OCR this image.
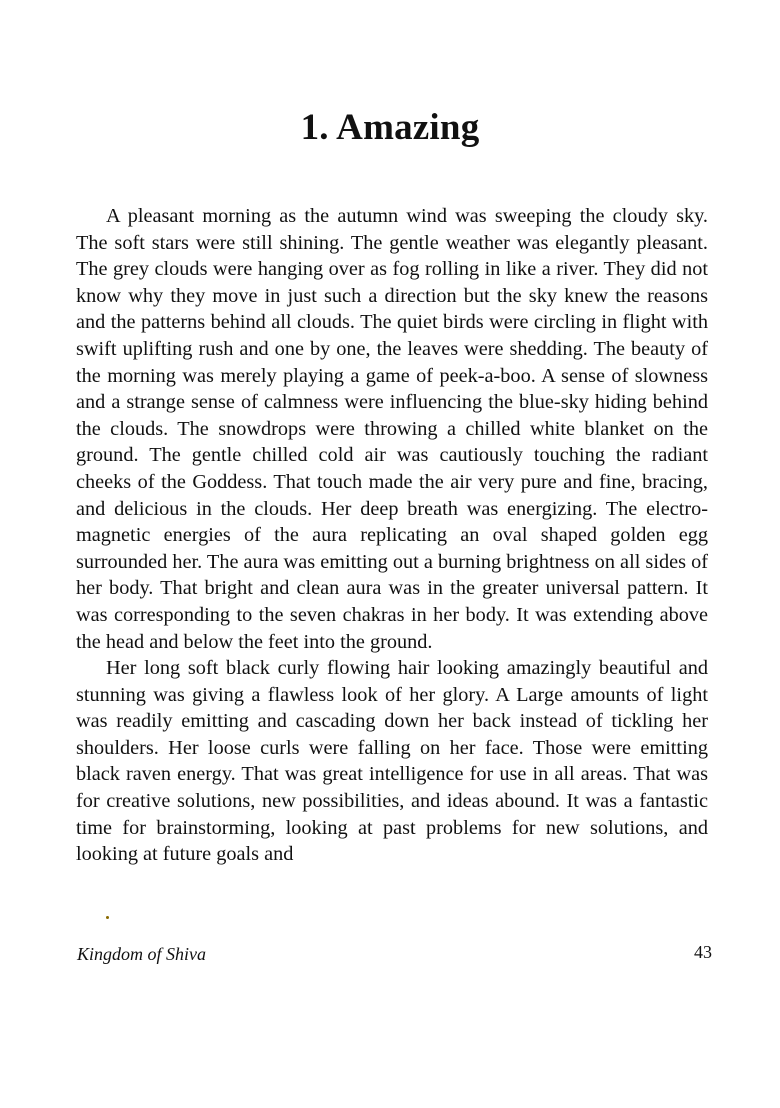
1. Amazing

A pleasant morning as the autumn wind was sweeping the cloudy sky. The soft stars were still shining. The gentle weather was elegantly pleasant. The grey clouds were hanging over as fog rolling in like a river. They did not know why they move in just such a direction but the sky knew the reasons and the patterns behind all clouds. The quiet birds were circling in flight with swift uplifting rush and one by one, the leaves were shedding. The beauty of the morning was merely playing a game of peek-a-boo. A sense of slowness and a strange sense of calmness were influencing the blue-sky hiding behind the clouds. The snowdrops were throwing a chilled white blanket on the ground. The gentle chilled cold air was cautiously touching the radiant cheeks of the Goddess. That touch made the air very pure and fine, bracing, and delicious in the clouds. Her deep breath was energizing. The electro-magnetic energies of the aura replicating an oval shaped golden egg surrounded her. The aura was emitting out a burning brightness on all sides of her body. That bright and clean aura was in the greater universal pattern. It was corresponding to the seven chakras in her body. It was extending above the head and below the feet into the ground.

Her long soft black curly flowing hair looking amazingly beautiful and stunning was giving a flawless look of her glory. A Large amounts of light was readily emitting and cascading down her back instead of tickling her shoulders. Her loose curls were falling on her face. Those were emitting black raven energy. That was great intelligence for use in all areas. That was for creative solutions, new possibilities, and ideas abound. It was a fantastic time for brainstorming, looking at past problems for new solutions, and looking at future goals and

Kingdom of Shiva	43
